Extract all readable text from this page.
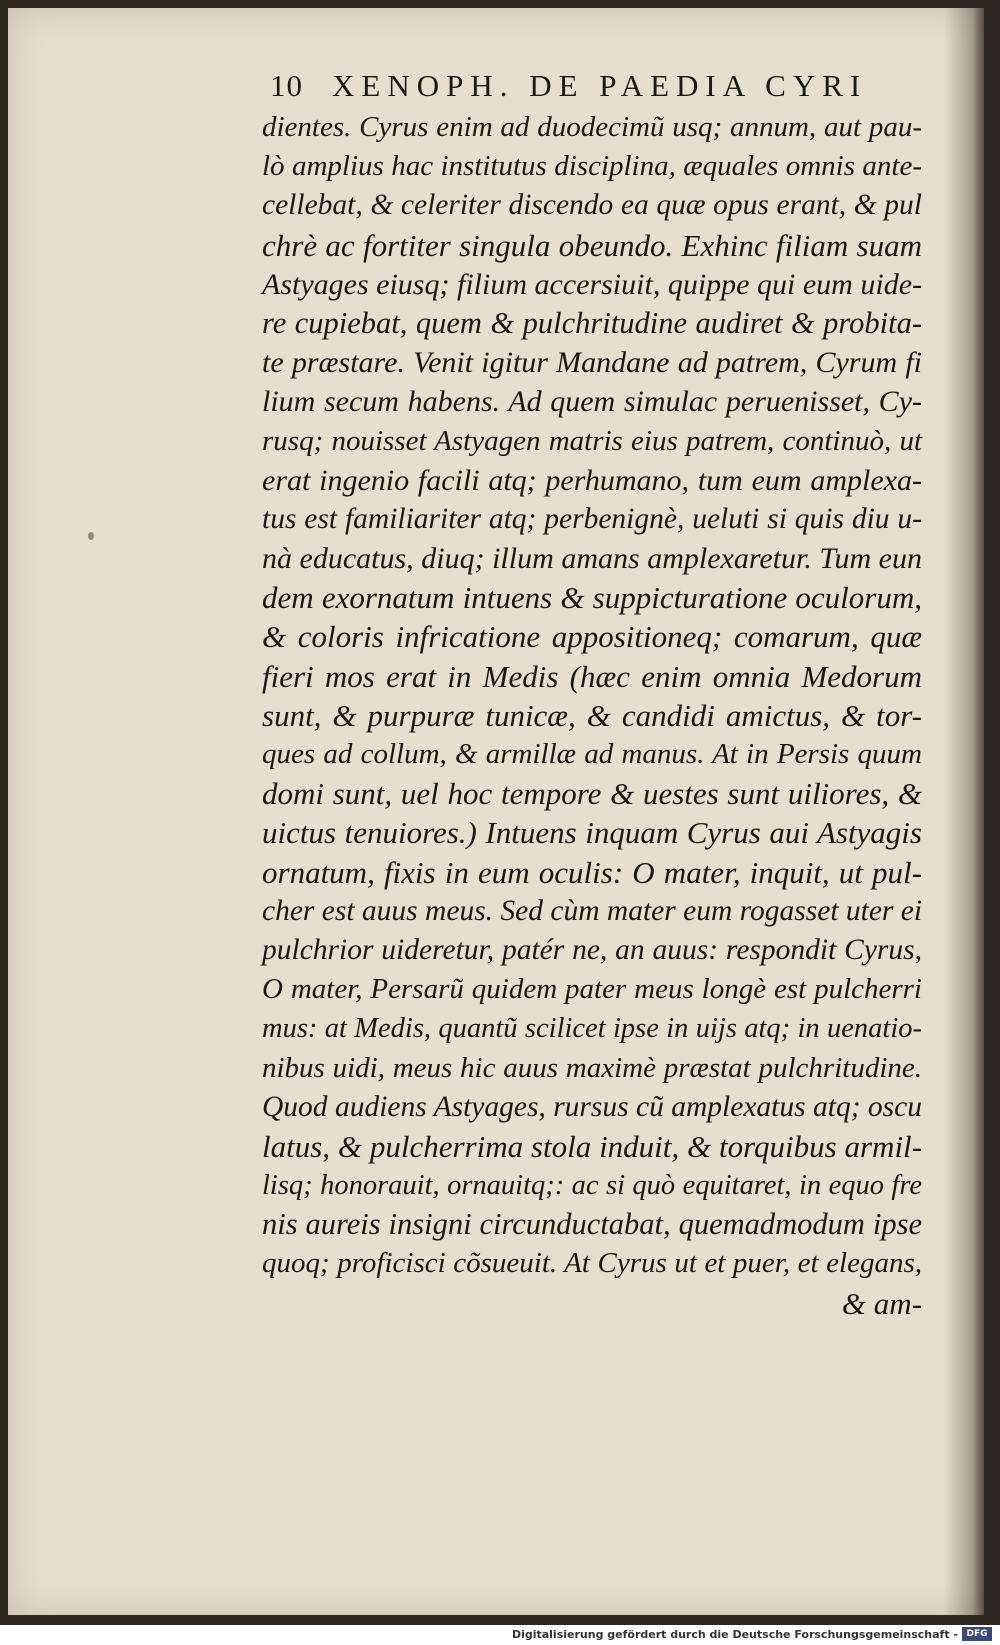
10 XENOPH. DE PAEDIA CYRI
dientes. Cyrus enim ad duodecimũ usq; annum, aut pau-
lò amplius hac institutus disciplina, æquales omnis ante-
cellebat, & celeriter discendo ea quæ opus erant, & pul
chrè ac fortiter singula obeundo. Exhinc filiam suam
Astyages eiusq; filium accersiuit, quippe qui eum uide-
re cupiebat, quem & pulchritudine audiret & probita-
te præstare. Venit igitur Mandane ad patrem, Cyrum fi
lium secum habens. Ad quem simulac peruenisset, Cy-
rusq; nouisset Astyagen matris eius patrem, continuò, ut
erat ingenio facili atq; perhumano, tum eum amplexa-
tus est familiariter atq; perbenignè, ueluti si quis diu u-
nà educatus, diuq; illum amans amplexaretur. Tum eun
dem exornatum intuens & suppicturatione oculorum,
& coloris infricatione appositioneq; comarum, quæ
fieri mos erat in Medis (hæc enim omnia Medorum
sunt, & purpuræ tunicæ, & candidi amictus, & tor-
ques ad collum, & armillæ ad manus. At in Persis quum
domi sunt, uel hoc tempore & uestes sunt uiliores, &
uictus tenuiores.) Intuens inquam Cyrus aui Astyagis
ornatum, fixis in eum oculis: O mater, inquit, ut pul-
cher est auus meus. Sed cùm mater eum rogasset uter ei
pulchrior uideretur, patér ne, an auus: respondit Cyrus,
O mater, Persarũ quidem pater meus longè est pulcherri
mus: at Medis, quantũ scilicet ipse in uijs atq; in uenatio-
nibus uidi, meus hic auus maximè præstat pulchritudine.
Quod audiens Astyages, rursus cũ amplexatus atq; oscu
latus, & pulcherrima stola induit, & torquibus armil-
lisq; honorauit, ornauitq;: ac si quò equitaret, in equo fre
nis aureis insigni circunductabat, quemadmodum ipse
quoq; proficisci cõsueuit. At Cyrus ut et puer, et elegans,
& am-
Digitalisierung gefördert durch die Deutsche Forschungsgemeinschaft - DFG
